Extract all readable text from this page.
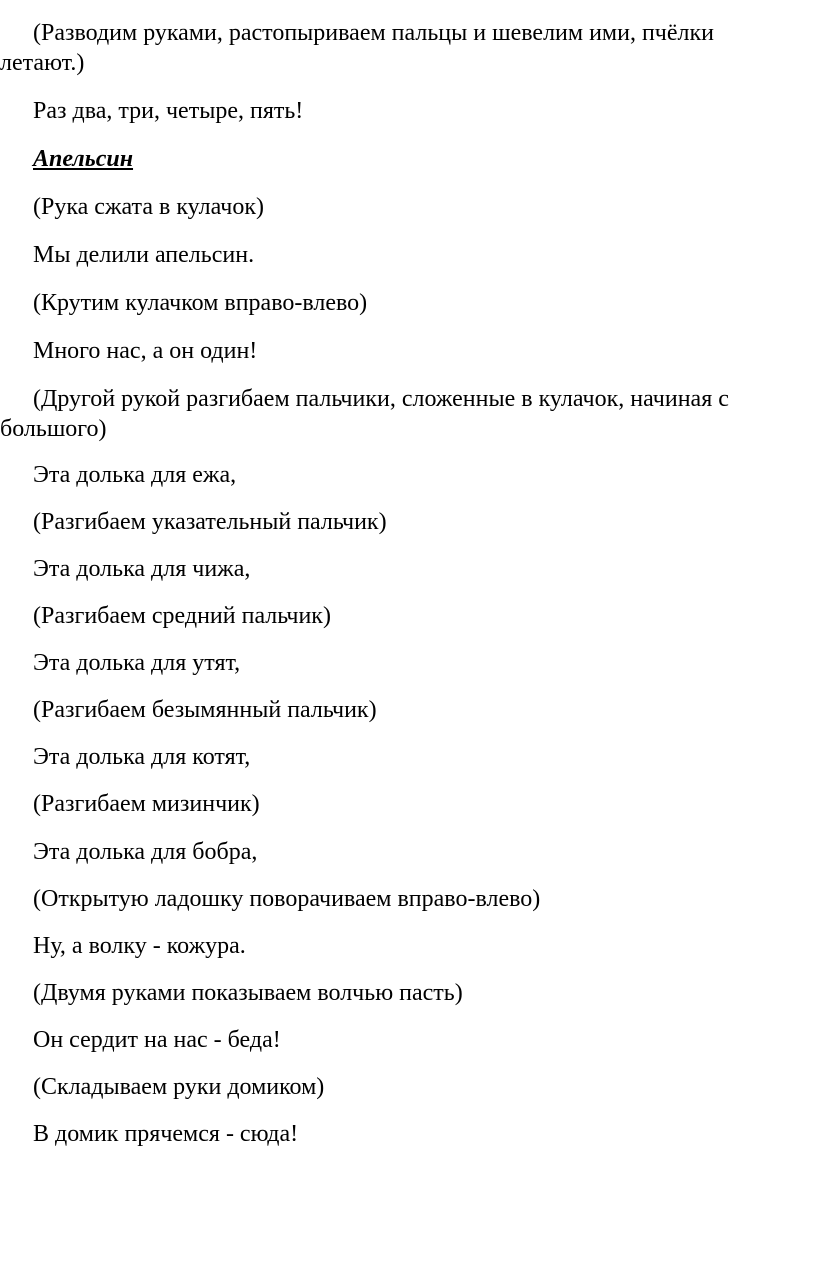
(Разводим руками, растопыриваем пальцы и шевелим ими, пчёлки летают.)

Раз два, три, четыре, пять!

Апельсин

(Рука сжата в кулачок)

Мы делили апельсин.

(Крутим кулачком вправо-влево)

Много нас, а он один!

(Другой рукой разгибаем пальчики, сложенные в кулачок, начиная с большого)

Эта долька для ежа,

(Разгибаем указательный пальчик)

Эта долька для чижа,

(Разгибаем средний пальчик)

Эта долька для утят,

(Разгибаем безымянный пальчик)

Эта долька для котят,

(Разгибаем мизинчик)

Эта долька для бобра,

(Открытую ладошку поворачиваем вправо-влево)

Ну, а волку - кожура.

(Двумя руками показываем волчью пасть)

Он сердит на нас - беда!

(Складываем руки домиком)

В домик прячемся - сюда!
